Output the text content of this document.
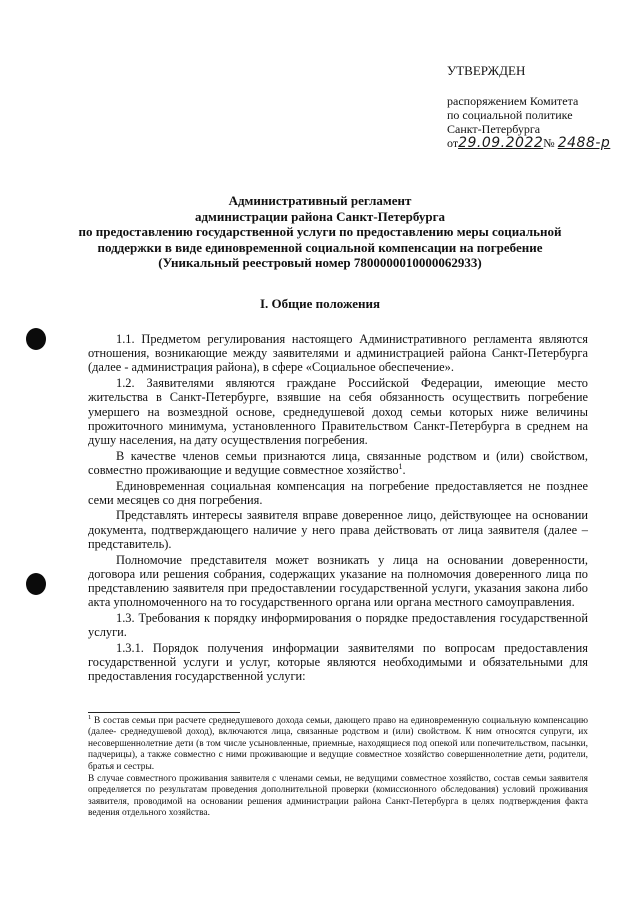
УТВЕРЖДЕН
распоряжением Комитета
по социальной политике
Санкт-Петербурга
от29.09.2022№ 2488-р
Административный регламент
администрации района Санкт-Петербурга
по предоставлению государственной услуги по предоставлению меры социальной
поддержки в виде единовременной социальной компенсации на погребение
(Уникальный реестровый номер 7800000010000062933)
I. Общие положения

1.1. Предметом регулирования настоящего Административного регламента являются отношения, возникающие между заявителями и администрацией района Санкт-Петербурга (далее - администрация района), в сфере «Социальное обеспечение».

1.2. Заявителями являются граждане Российской Федерации, имеющие место жительства в Санкт-Петербурге, взявшие на себя обязанность осуществить погребение умершего на возмездной основе, среднедушевой доход семьи которых ниже величины прожиточного минимума, установленного Правительством Санкт-Петербурга в среднем на душу населения, на дату осуществления погребения.

В качестве членов семьи признаются лица, связанные родством и (или) свойством, совместно проживающие и ведущие совместное хозяйство$^1$.

Единовременная социальная компенсация на погребение предоставляется не позднее семи месяцев со дня погребения.

Представлять интересы заявителя вправе доверенное лицо, действующее на основании документа, подтверждающего наличие у него права действовать от лица заявителя (далее – представитель).

Полномочие представителя может возникать у лица на основании доверенности, договора или решения собрания, содержащих указание на полномочия доверенного лица по представлению заявителя при предоставлении государственной услуги, указания закона либо акта уполномоченного на то государственного органа или органа местного самоуправления.

1.3. Требования к порядку информирования о порядке предоставления государственной услуги.

1.3.1. Порядок получения информации заявителями по вопросам предоставления государственной услуги и услуг, которые являются необходимыми и обязательными для предоставления государственной услуги:

$^1$ В состав семьи при расчете среднедушевого дохода семьи, дающего право на единовременную социальную компенсацию (далее- среднедушевой доход), включаются лица, связанные родством и (или) свойством. К ним относятся супруги, их несовершеннолетние дети (в том числе усыновленные, приемные, находящиеся под опекой или попечительством, пасынки, падчерицы), а также совместно с ними проживающие и ведущие совместное хозяйство совершеннолетние дети, родители, братья и сестры.

В случае совместного проживания заявителя с членами семьи, не ведущими совместное хозяйство, состав семьи заявителя определяется по результатам проведения дополнительной проверки (комиссионного обследования) условий проживания заявителя, проводимой на основании решения администрации района Санкт-Петербурга в целях подтверждения факта ведения отдельного хозяйства.
